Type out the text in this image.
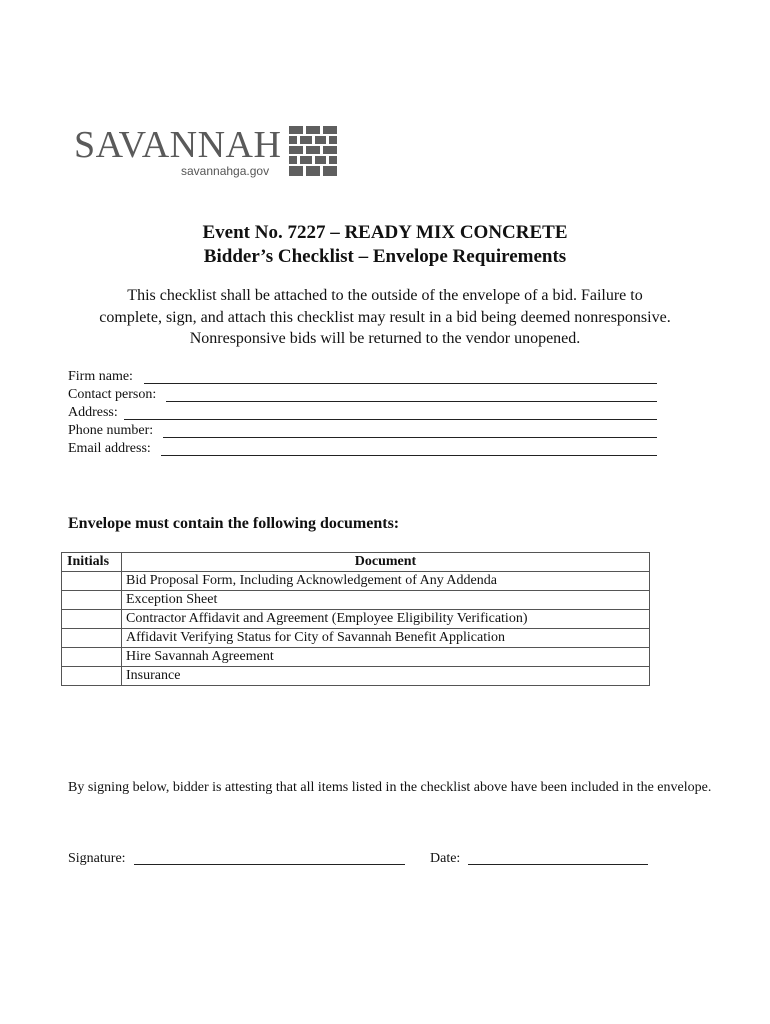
SAVANNAH
savannahga.gov
Event No. 7227 – READY MIX CONCRETE
Bidder’s Checklist – Envelope Requirements
This checklist shall be attached to the outside of the envelope of a bid. Failure to
complete, sign, and attach this checklist may result in a bid being deemed nonresponsive.
Nonresponsive bids will be returned to the vendor unopened.
Firm name:
Contact person:
Address:
Phone number:
Email address:
Envelope must contain the following documents:
Initials	Document
	Bid Proposal Form, Including Acknowledgement of Any Addenda
	Exception Sheet
	Contractor Affidavit and Agreement (Employee Eligibility Verification)
	Affidavit Verifying Status for City of Savannah Benefit Application
	Hire Savannah Agreement
	Insurance
By signing below, bidder is attesting that all items listed in the checklist above have been included in the envelope.
Signature:	Date:
